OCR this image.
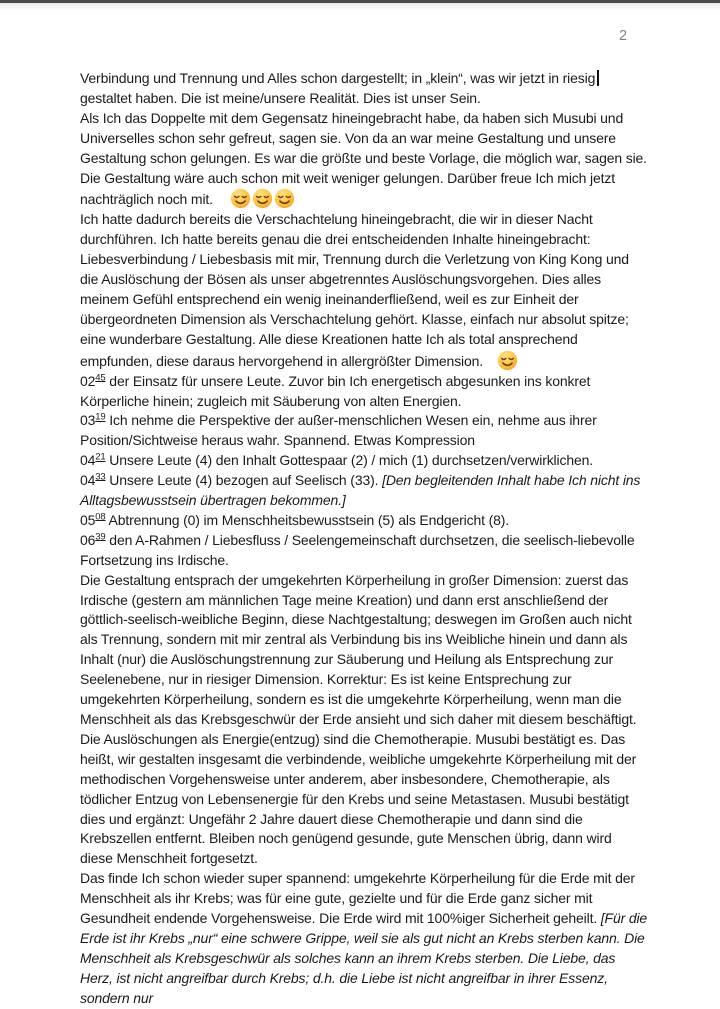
2

Verbindung und Trennung und Alles schon dargestellt; in „klein“, was wir jetzt in riesig gestaltet haben. Die ist meine/unsere Realität. Dies ist unser Sein.

Als Ich das Doppelte mit dem Gegensatz hineingebracht habe, da haben sich Musubi und Universelles schon sehr gefreut, sagen sie. Von da an war meine Gestaltung und unsere Gestaltung schon gelungen. Es war die größte und beste Vorlage, die möglich war, sagen sie. Die Gestaltung wäre auch schon mit weit weniger gelungen. Darüber freue Ich mich jetzt nachträglich noch mit.

Ich hatte dadurch bereits die Verschachtelung hineingebracht, die wir in dieser Nacht durchführen. Ich hatte bereits genau die drei entscheidenden Inhalte hineingebracht: Liebesverbindung / Liebesbasis mit mir, Trennung durch die Verletzung von King Kong und die Auslöschung der Bösen als unser abgetrenntes Auslöschungsvorgehen. Dies alles meinem Gefühl entsprechend ein wenig ineinanderfließend, weil es zur Einheit der übergeordneten Dimension als Verschachtelung gehört. Klasse, einfach nur absolut spitze; eine wunderbare Gestaltung. Alle diese Kreationen hatte Ich als total ansprechend empfunden, diese daraus hervorgehend in allergrößter Dimension.

$02^{45}$ der Einsatz für unsere Leute. Zuvor bin Ich energetisch abgesunken ins konkret Körperliche hinein; zugleich mit Säuberung von alten Energien.

$03^{19}$ Ich nehme die Perspektive der außer-menschlichen Wesen ein, nehme aus ihrer Position/Sichtweise heraus wahr. Spannend. Etwas Kompression

$04^{21}$ Unsere Leute (4) den Inhalt Gottespaar (2) / mich (1) durchsetzen/verwirklichen.

$04^{33}$ Unsere Leute (4) bezogen auf Seelisch (33). [Den begleitenden Inhalt habe Ich nicht ins Alltagsbewusstsein übertragen bekommen.]

$05^{08}$ Abtrennung (0) im Menschheitsbewusstsein (5) als Endgericht (8).

$06^{39}$ den A-Rahmen / Liebesfluss / Seelengemeinschaft durchsetzen, die seelisch-liebevolle Fortsetzung ins Irdische.

Die Gestaltung entsprach der umgekehrten Körperheilung in großer Dimension: zuerst das Irdische (gestern am männlichen Tage meine Kreation) und dann erst anschließend der göttlich-seelisch-weibliche Beginn, diese Nachtgestaltung; deswegen im Großen auch nicht als Trennung, sondern mit mir zentral als Verbindung bis ins Weibliche hinein und dann als Inhalt (nur) die Auslöschungstrennung zur Säuberung und Heilung als Entsprechung zur Seelenebene, nur in riesiger Dimension. Korrektur: Es ist keine Entsprechung zur umgekehrten Körperheilung, sondern es ist die umgekehrte Körperheilung, wenn man die Menschheit als das Krebsgeschwür der Erde ansieht und sich daher mit diesem beschäftigt. Die Auslöschungen als Energie(entzug) sind die Chemotherapie. Musubi bestätigt es. Das heißt, wir gestalten insgesamt die verbindende, weibliche umgekehrte Körperheilung mit der methodischen Vorgehensweise unter anderem, aber insbesondere, Chemotherapie, als tödlicher Entzug von Lebensenergie für den Krebs und seine Metastasen. Musubi bestätigt dies und ergänzt: Ungefähr 2 Jahre dauert diese Chemotherapie und dann sind die Krebszellen entfernt. Bleiben noch genügend gesunde, gute Menschen übrig, dann wird diese Menschheit fortgesetzt.

Das finde Ich schon wieder super spannend: umgekehrte Körperheilung für die Erde mit der Menschheit als ihr Krebs; was für eine gute, gezielte und für die Erde ganz sicher mit Gesundheit endende Vorgehensweise. Die Erde wird mit 100%iger Sicherheit geheilt. [Für die Erde ist ihr Krebs „nur“ eine schwere Grippe, weil sie als gut nicht an Krebs sterben kann. Die Menschheit als Krebsgeschwür als solches kann an ihrem Krebs sterben. Die Liebe, das Herz, ist nicht angreifbar durch Krebs; d.h. die Liebe ist nicht angreifbar in ihrer Essenz, sondern nur
